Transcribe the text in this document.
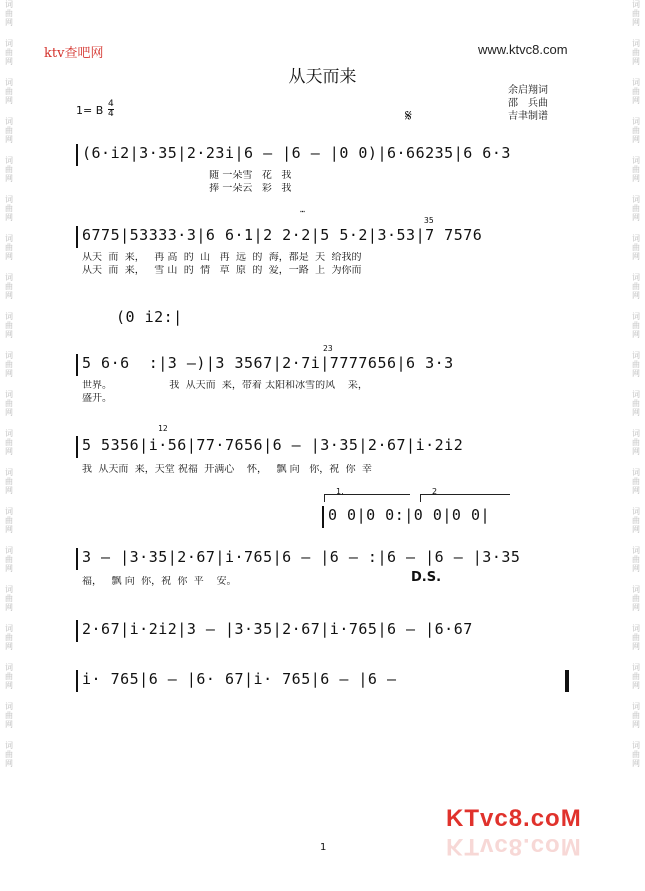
词
曲
网
词
曲
网
词
曲
网
词
曲
网
词
曲
网
词
曲
网
词
曲
网
词
曲
网
词
曲
网
词
曲
网
词
曲
网
词
曲
网
词
曲
网
词
曲
网
词
曲
网
词
曲
网
词
曲
网
词
曲
网
词
曲
网
词
曲
网
词
曲
网
词
曲
网
词
曲
网
词
曲
网
词
曲
网
词
曲
网
词
曲
网
词
曲
网
词
曲
网
词
曲
网
词
曲
网
词
曲
网
词
曲
网
词
曲
网
词
曲
网
词
曲
网
词
曲
网
词
曲
网
词
曲
网
词
曲
网
ktv查吧网	www.ktvc8.com
从天而来
余启翔词
邵　兵曲
吉聿制谱
1= B 4
4	𝄋
(6·i2|3·35|2·23i|6 — |6 — |0 0)|6·66235|6 6·3
随 一朵雪   花   我
捧 一朵云   彩   我
⋯
35
6775|53333·3|6 6·1|2 2·2|5 5·2|3·53|7 7576
从天  而  来，   再 高  的  山   再  远  的  海，都是  天  给我的
从天  而  来，   雪 山  的  情   草  原  的  爱，一路  上  为你而
(0 i2:|
23
5 6·6  :|3 —)|3 3567|2·7i|7777656|6 3·3
世界。                  我  从天而  来，带着 太阳和冰雪的风    采，
盛开。
12
5 5356|i·56|77·7656|6 — |3·35|2·67|i·2i2
我  从天而  来，天堂 祝福  开满心    怀，   飘 向   你，祝  你  幸
1.	2
0 0|0 0:|0 0|0 0|
3 — |3·35|2·67|i·765|6 — |6 — :|6 — |6 — |3·35
福，   飘 向  你，祝  你  平    安。	D.S.
2·67|i·2i2|3 — |3·35|2·67|i·765|6 — |6·67
i· 765|6 — |6· 67|i· 765|6 — |6 —
KTvc8.coM
KTvc8.coM
1
